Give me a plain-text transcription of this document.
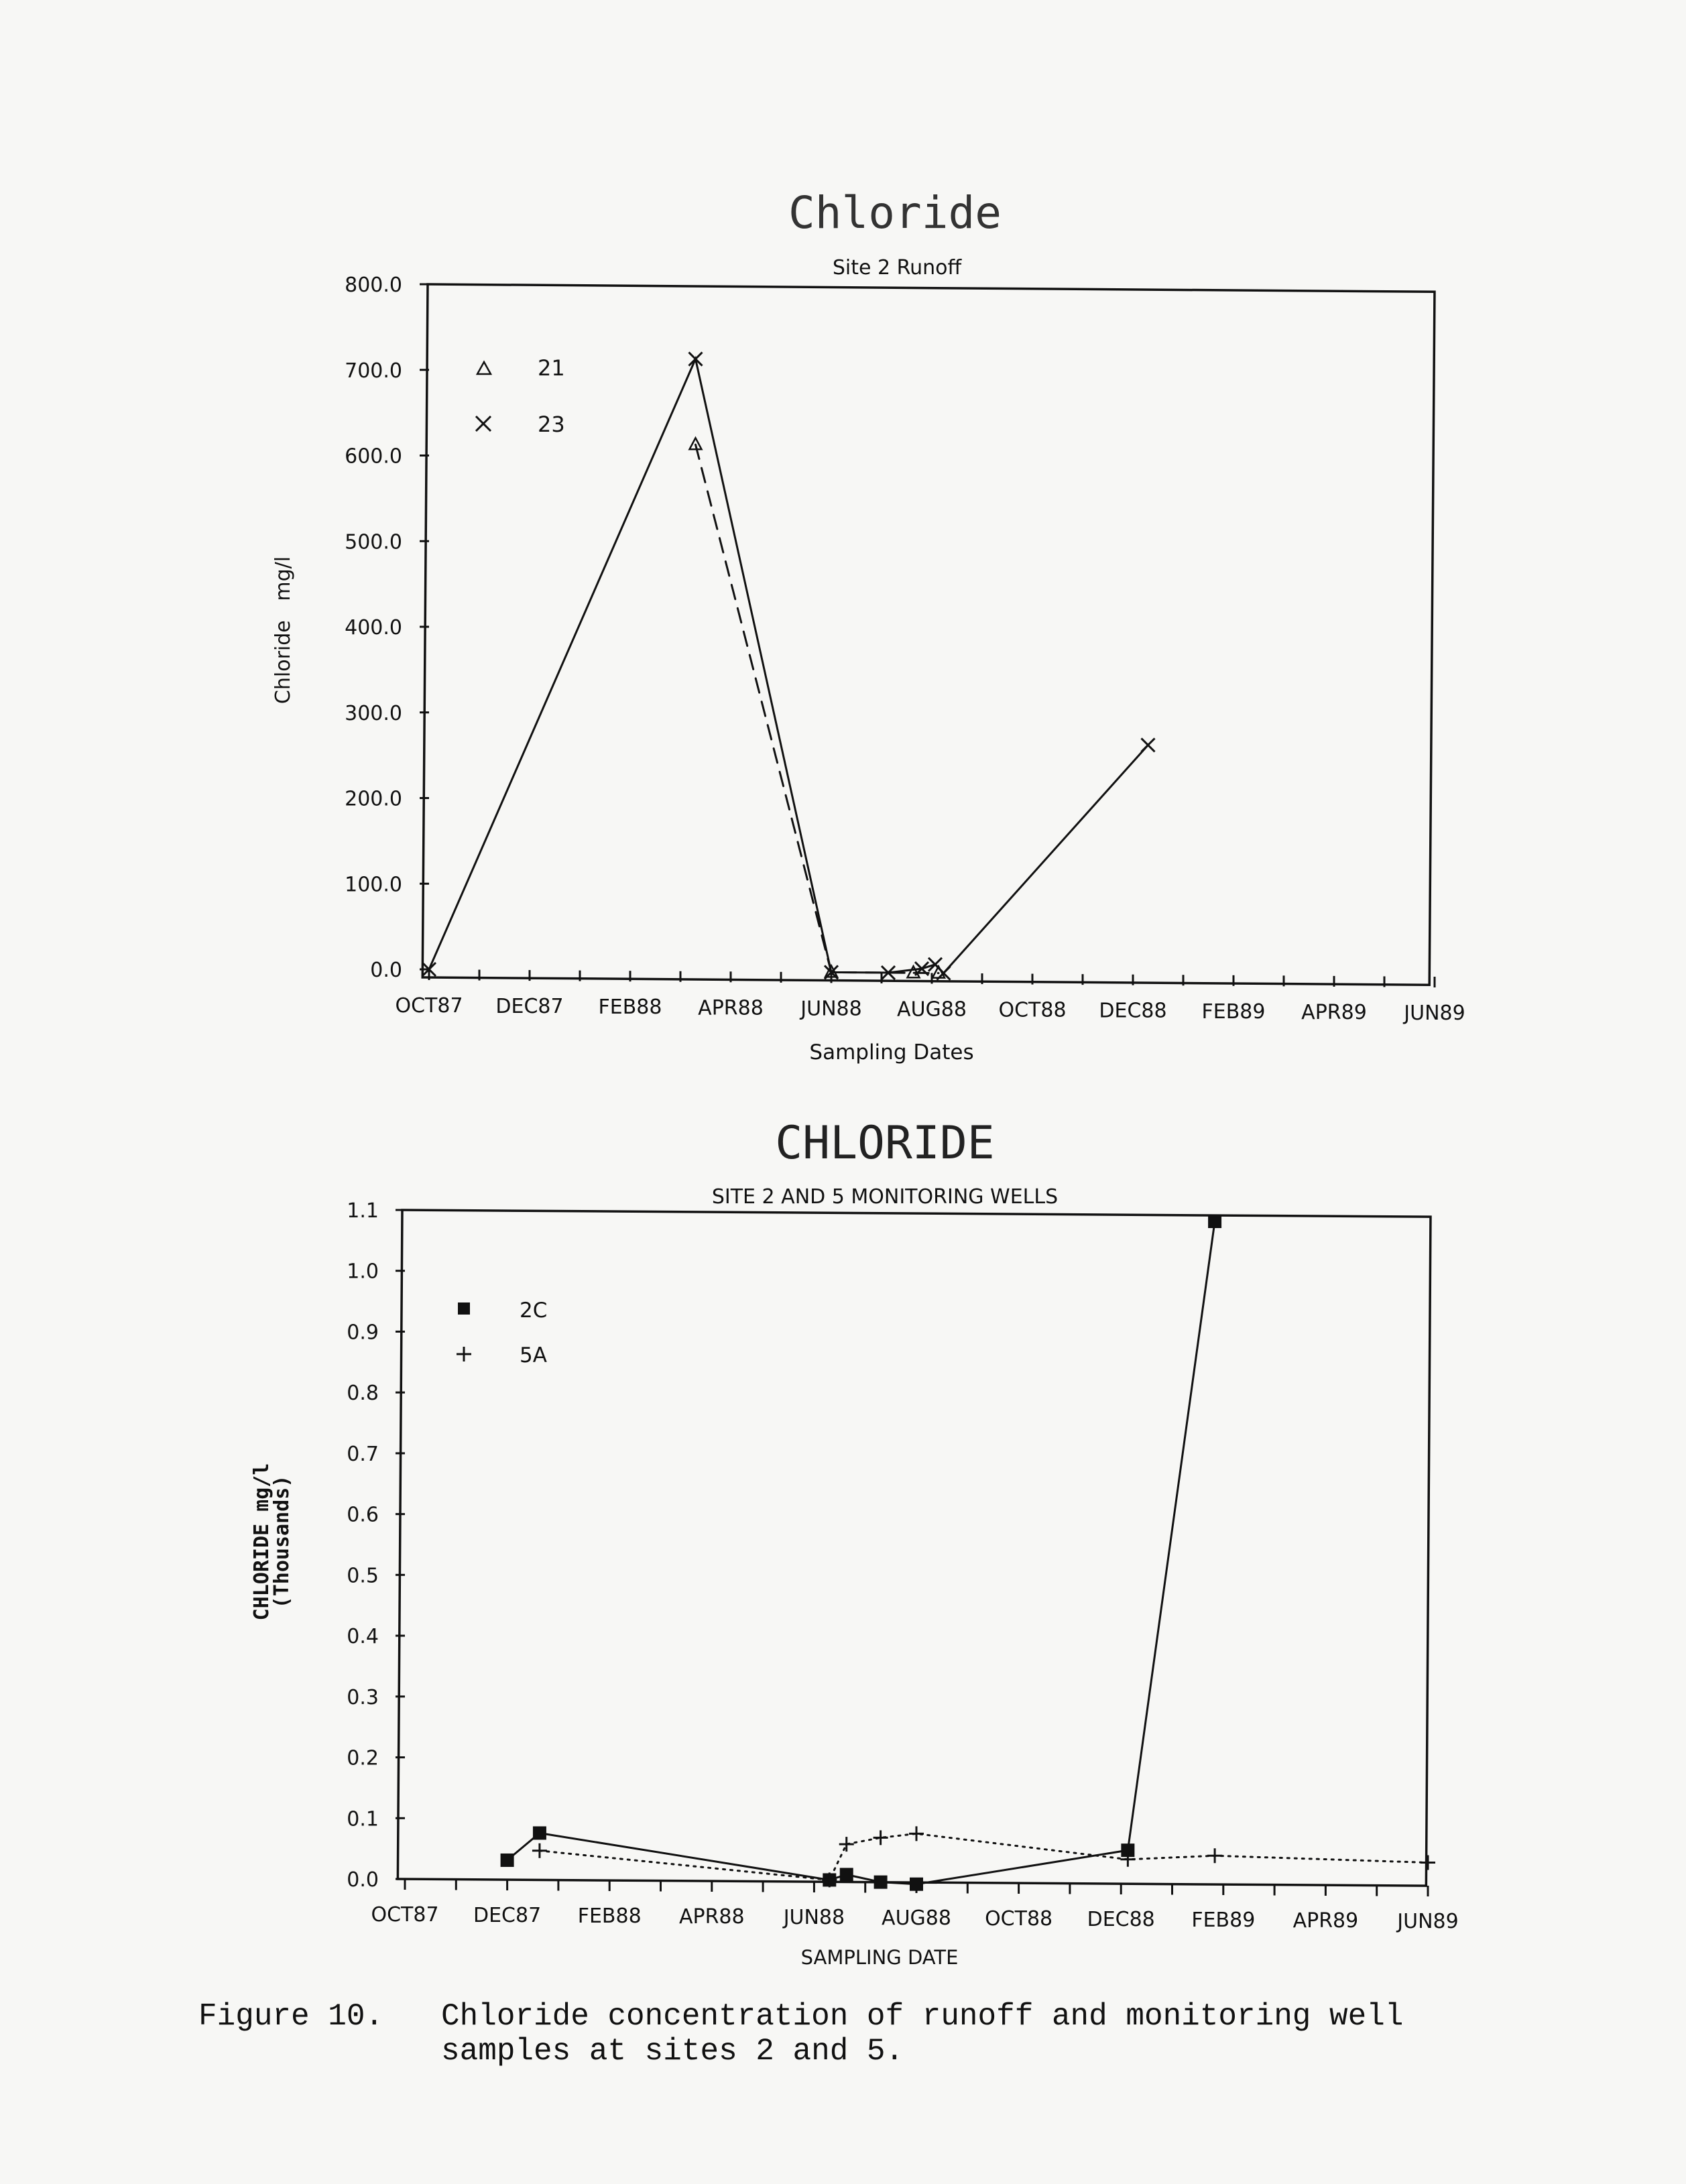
Chloride
Site 2 Runoff
0.0
100.0
200.0
300.0
400.0
500.0
600.0
700.0
800.0
OCT87 DEC87 FEB88 APR88 JUN88 AUG88 OCT88 DEC88 FEB89 APR89 JUN89
Chloride   mg/l
Sampling Dates
21
23
CHLORIDE
SITE 2 AND 5 MONITORING WELLS
0.0
0.1
0.2
0.3
0.4
0.5
0.6
0.7
0.8
0.9
1.0
1.1
OCT87 DEC87 FEB88 APR88 JUN88 AUG88 OCT88 DEC88 FEB89 APR89 JUN89
CHLORIDE mg/l
(Thousands)
SAMPLING DATE
2C
5A
Figure 10. Chloride concentration of runoff and monitoring well
samples at sites 2 and 5.
